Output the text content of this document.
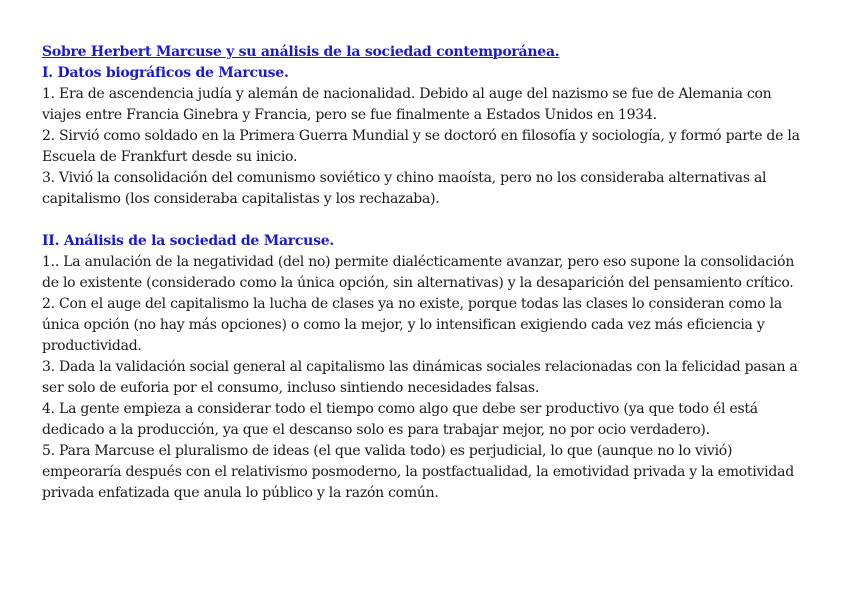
Sobre Herbert Marcuse y su análisis de la sociedad contemporánea.

I. Datos biográficos de Marcuse.

1. Era de ascendencia judía y alemán de nacionalidad. Debido al auge del nazismo se fue de Alemania con viajes entre Francia Ginebra y Francia, pero se fue finalmente a Estados Unidos en 1934.

2. Sirvió como soldado en la Primera Guerra Mundial y se doctoró en filosofía y sociología, y formó parte de la Escuela de Frankfurt desde su inicio.

3. Vivió la consolidación del comunismo soviético y chino maoísta, pero no los consideraba alternativas al capitalismo (los consideraba capitalistas y los rechazaba).

II. Análisis de la sociedad de Marcuse.

1.. La anulación de la negatividad (del no) permite dialécticamente avanzar, pero eso supone la consolidación de lo existente (considerado como la única opción, sin alternativas) y la desaparición del pensamiento crítico.

2. Con el auge del capitalismo la lucha de clases ya no existe, porque todas las clases lo consideran como la única opción (no hay más opciones) o como la mejor, y lo intensifican exigiendo cada vez más eficiencia y productividad.

3. Dada la validación social general al capitalismo las dinámicas sociales relacionadas con la felicidad pasan a ser solo de euforia por el consumo, incluso sintiendo necesidades falsas.

4. La gente empieza a considerar todo el tiempo como algo que debe ser productivo (ya que todo él está dedicado a la producción, ya que el descanso solo es para trabajar mejor, no por ocio verdadero).

5. Para Marcuse el pluralismo de ideas (el que valida todo) es perjudicial, lo que (aunque no lo vivió) empeoraría después con el relativismo posmoderno, la postfactualidad, la emotividad privada y la emotividad privada enfatizada que anula lo público y la razón común.
